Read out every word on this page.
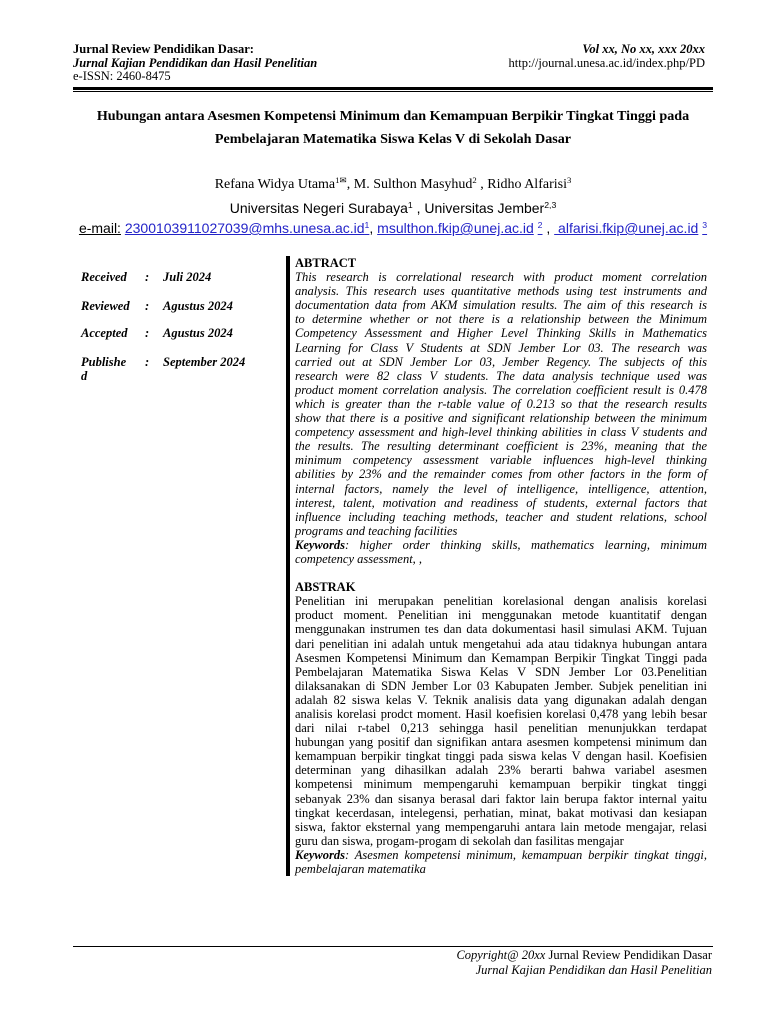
Jurnal Review Pendidikan Dasar:
Jurnal Kajian Pendidikan dan Hasil Penelitian
e-ISSN: 2460-8475
Vol xx, No xx, xxx 20xx
http://journal.unesa.ac.id/index.php/PD
Hubungan antara Asesmen Kompetensi Minimum dan Kemampuan Berpikir Tingkat Tinggi pada
Pembelajaran Matematika Siswa Kelas V di Sekolah Dasar
Refana Widya Utama$^{1✉}$, M. Sulthon Masyhud$^2$ , Ridho Alfarisi$^3$
Universitas Negeri Surabaya$^1$ , Universitas Jember$^{2,3}$
e-mail: $2300103911027039@mhs.unesa.ac.id^1$, msulthon.fkip@unej.ac.id $^2$ ,  alfarisi.fkip@unej.ac.id $^3$
Received	: Juli 2024
Reviewed : Agustus 2024
Accepted : Agustus 2024
Published
: September 2024
ABTRACT
This research is correlational research with product moment correlation
analysis. This research uses quantitative methods using test instruments and
documentation data from AKM simulation results. The aim of this research is
to determine whether or not there is a relationship between the Minimum
Competency Assessment and Higher Level Thinking Skills in Mathematics
Learning for Class V Students at SDN Jember Lor 03. The research was
carried out at SDN Jember Lor 03, Jember Regency. The subjects of this
research were 82 class V students. The data analysis technique used was
product moment correlation analysis. The correlation coefficient result is 0.478
which is greater than the r-table value of 0.213 so that the research results
show that there is a positive and significant relationship between the minimum
competency assessment and high-level thinking abilities in class V students and
the results. The resulting determinant coefficient is 23%, meaning that the
minimum competency assessment variable influences high-level thinking
abilities by 23% and the remainder comes from other factors in the form of
internal factors, namely the level of intelligence, intelligence, attention,
interest, talent, motivation and readiness of students, external factors that
influence including teaching methods, teacher and student relations, school
programs and teaching facilities
Keywords: higher order thinking skills, mathematics learning, minimum
competency assessment, ,
ABSTRAK
Penelitian ini merupakan penelitian korelasional dengan analisis korelasi
product moment. Penelitian ini menggunakan metode kuantitatif dengan
menggunakan instrumen tes dan data dokumentasi hasil simulasi AKM. Tujuan
dari penelitian ini adalah untuk mengetahui ada atau tidaknya hubungan antara
Asesmen Kompetensi Minimum dan Kemampan Berpikir Tingkat Tinggi pada
Pembelajaran Matematika Siswa Kelas V SDN Jember Lor 03.Penelitian
dilaksanakan di SDN Jember Lor 03 Kabupaten Jember. Subjek penelitian ini
adalah 82 siswa kelas V. Teknik analisis data yang digunakan adalah dengan
analisis korelasi prodct moment. Hasil koefisien korelasi 0,478 yang lebih besar
dari nilai r-tabel 0,213 sehingga hasil penelitian menunjukkan terdapat
hubungan yang positif dan signifikan antara asesmen kompetensi minimum dan
kemampuan berpikir tingkat tinggi pada siswa kelas V dengan hasil. Koefisien
determinan yang dihasilkan adalah 23% berarti bahwa variabel asesmen
kompetensi minimum mempengaruhi kemampuan berpikir tingkat tinggi
sebanyak 23% dan sisanya berasal dari faktor lain berupa faktor internal yaitu
tingkat kecerdasan, intelegensi, perhatian, minat, bakat motivasi dan kesiapan
siswa, faktor eksternal yang mempengaruhi antara lain metode mengajar, relasi
guru dan siswa, progam-progam di sekolah dan fasilitas mengajar
Keywords: Asesmen kompetensi minimum, kemampuan berpikir tingkat tinggi,
pembelajaran matematika
Copyright@ 20xx Jurnal Review Pendidikan Dasar
Jurnal Kajian Pendidikan dan Hasil Penelitian
